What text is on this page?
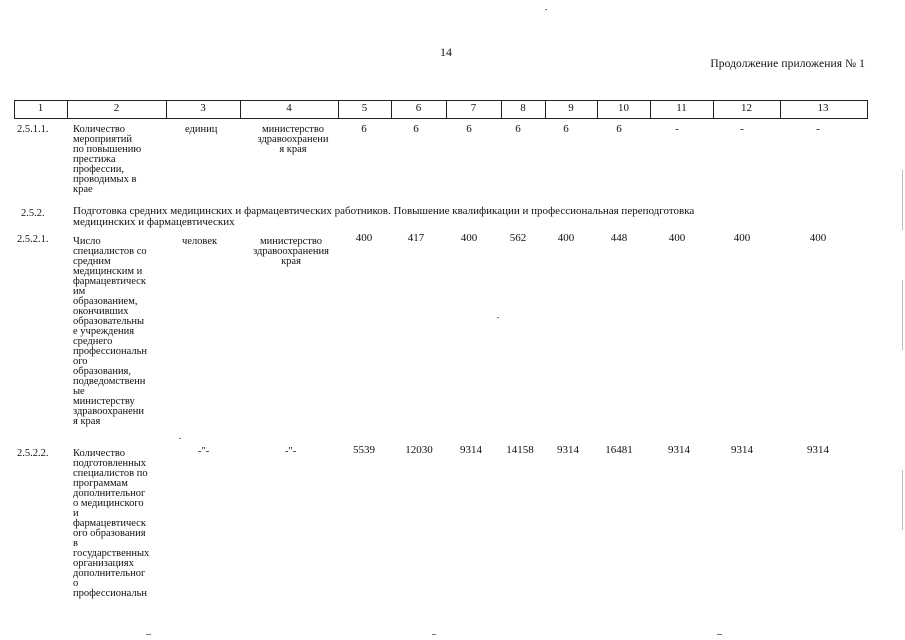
14
Продолжение приложения № 1
1	2	3	4	5	6	7	8	9	10	11	12	13
2.5.1.1. Количество
мероприятий
по повышению
престижа
профессии,
проводимых в
крае
единиц	министерство
здравоохранени
я края
6	6	6	6	6	6	-	-	-
2.5.2.	Подготовка средних медицинских и фармацевтических работников. Повышение квалификации и профессиональная переподготовка
медицинских и фармацевтических
2.5.2.1. Число
специалистов со
средним
медицинским и
фармацевтическ
им
образованием,
окончивших
образовательны
е учреждения
среднего
профессиональн
ого
образования,
подведомственн
ые
министерству
здравоохранени
я края
человек	министерство
здравоохранения
края
400	417	400	562	400	448	400	400	400
2.5.2.2. Количество
подготовленных
специалистов по
программам
дополнительног
о медицинского
и
фармацевтическ
ого образования
в
государственных
организациях
дополнительног
о
профессиональн
-"-	-"-	5539	12030	9314	14158	9314	16481	9314	9314	9314
